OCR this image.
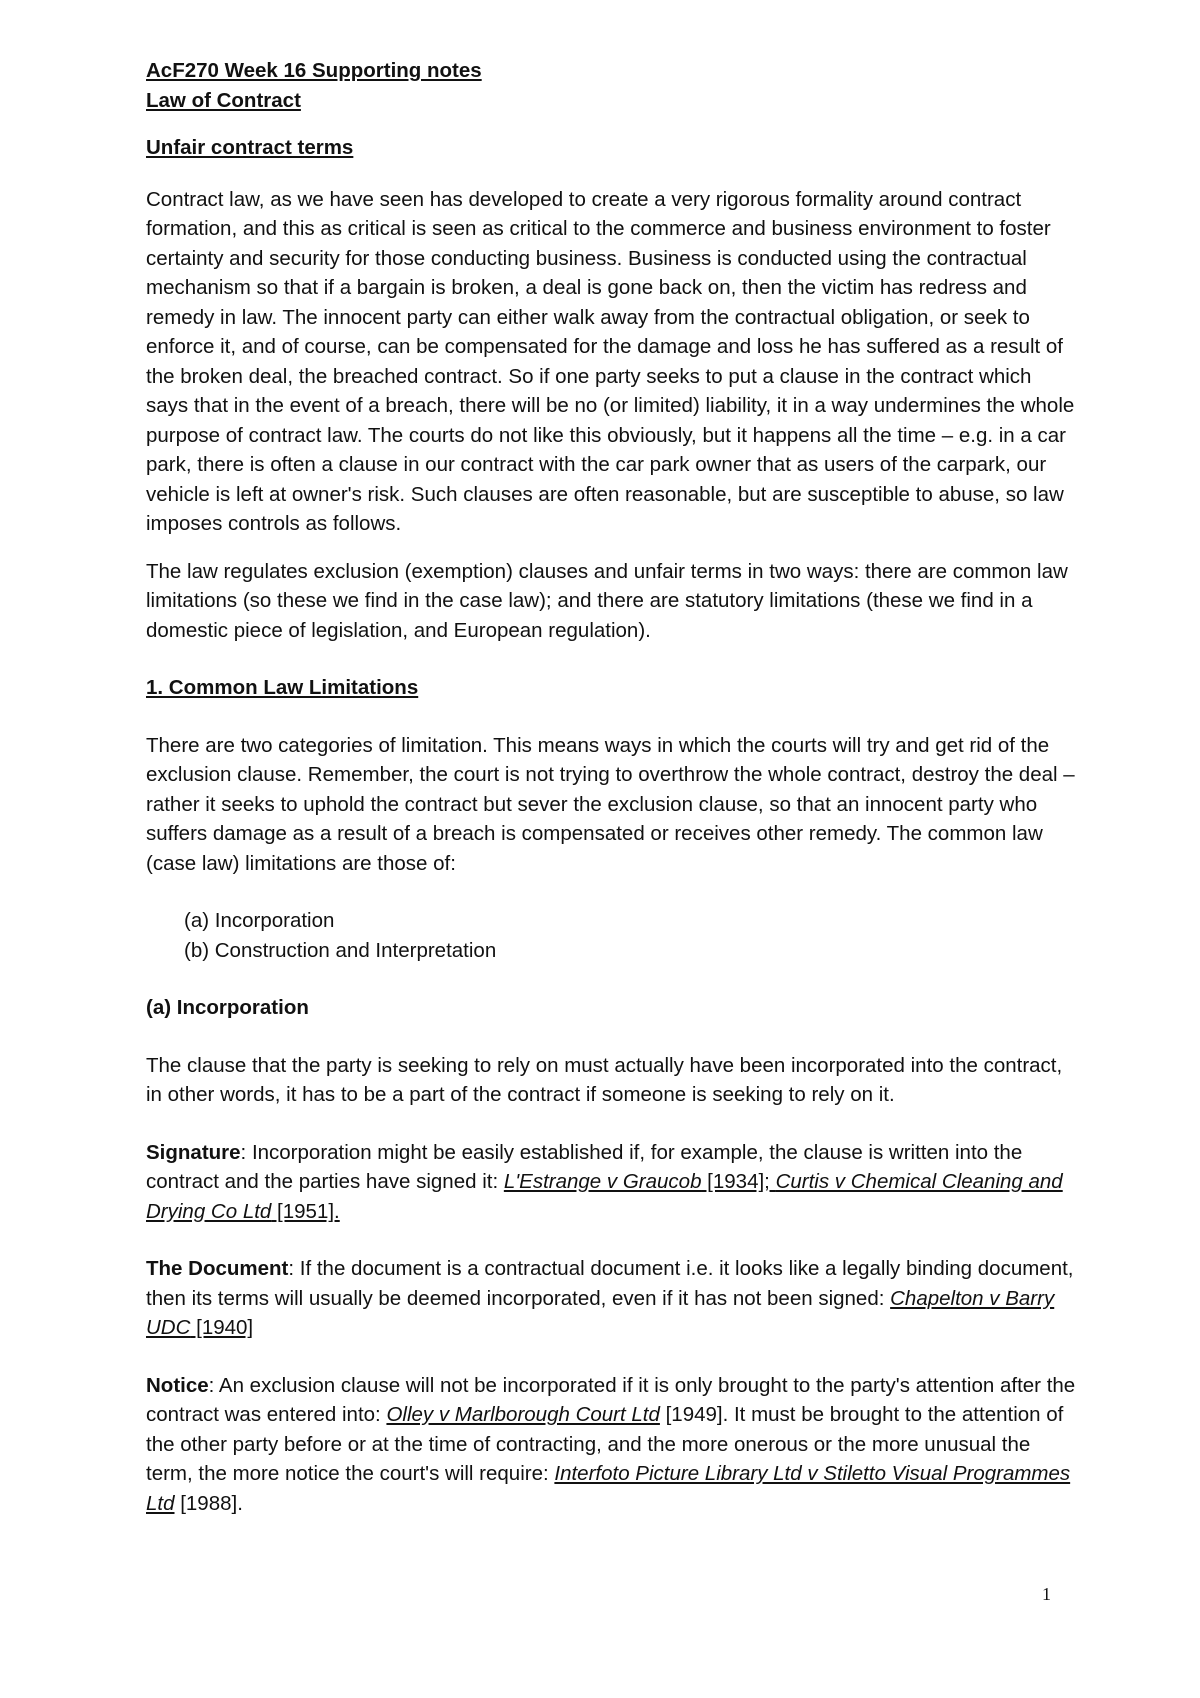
AcF270 Week 16 Supporting notes

Law of Contract

Unfair contract terms

Contract law, as we have seen has developed to create a very rigorous formality around contract formation, and this as critical is seen as critical to the commerce and business environment to foster certainty and security for those conducting business. Business is conducted using the contractual mechanism so that if a bargain is broken, a deal is gone back on, then the victim has redress and remedy in law. The innocent party can either walk away from the contractual obligation, or seek to enforce it, and of course, can be compensated for the damage and loss he has suffered as a result of the broken deal, the breached contract. So if one party seeks to put a clause in the contract which says that in the event of a breach, there will be no (or limited) liability, it in a way undermines the whole purpose of contract law. The courts do not like this obviously, but it happens all the time – e.g. in a car park, there is often a clause in our contract with the car park owner that as users of the carpark, our vehicle is left at owner's risk. Such clauses are often reasonable, but are susceptible to abuse, so law imposes controls as follows.

The law regulates exclusion (exemption) clauses and unfair terms in two ways: there are common law limitations (so these we find in the case law); and there are statutory limitations (these we find in a domestic piece of legislation, and European regulation).

1. Common Law Limitations

There are two categories of limitation. This means ways in which the courts will try and get rid of the exclusion clause. Remember, the court is not trying to overthrow the whole contract, destroy the deal – rather it seeks to uphold the contract but sever the exclusion clause, so that an innocent party who suffers damage as a result of a breach is compensated or receives other remedy. The common law (case law) limitations are those of:

(a) Incorporation

(b) Construction and Interpretation

(a) Incorporation

The clause that the party is seeking to rely on must actually have been incorporated into the contract, in other words, it has to be a part of the contract if someone is seeking to rely on it.

Signature: Incorporation might be easily established if, for example, the clause is written into the contract and the parties have signed it: L'Estrange v Graucob [1934]; Curtis v Chemical Cleaning and Drying Co Ltd [1951].

The Document: If the document is a contractual document i.e. it looks like a legally binding document, then its terms will usually be deemed incorporated, even if it has not been signed: Chapelton v Barry UDC [1940]

Notice: An exclusion clause will not be incorporated if it is only brought to the party's attention after the contract was entered into: Olley v Marlborough Court Ltd [1949]. It must be brought to the attention of the other party before or at the time of contracting, and the more onerous or the more unusual the term, the more notice the court's will require: Interfoto Picture Library Ltd v Stiletto Visual Programmes Ltd [1988].

1
